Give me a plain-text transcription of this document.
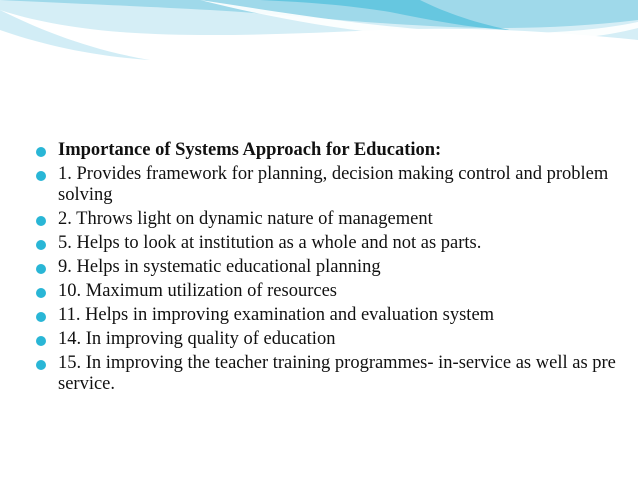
Importance of Systems Approach for Education:
1. Provides framework for planning, decision making control and problem solving
2. Throws light on dynamic nature of management
5. Helps to look at institution as a whole and not as parts.
9. Helps in systematic educational planning
10. Maximum utilization of resources
11. Helps in improving examination and evaluation system
14. In improving quality of education
15. In improving the teacher training programmes- in-service as well as pre service.
